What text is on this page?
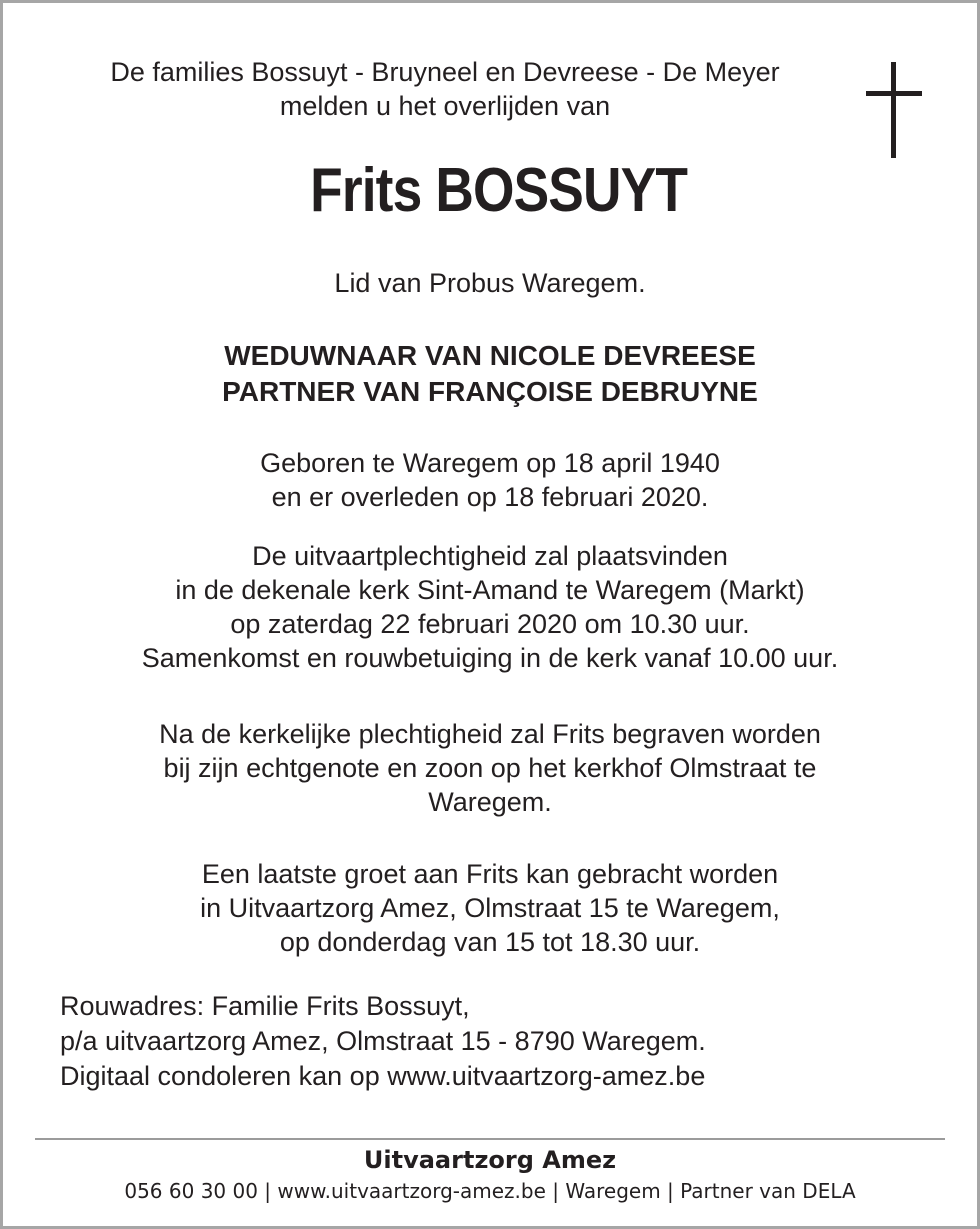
De families Bossuyt - Bruyneel en Devreese - De Meyer
melden u het overlijden van
Frits BOSSUYT
Lid van Probus Waregem.
WEDUWNAAR VAN NICOLE DEVREESE
PARTNER VAN FRANÇOISE DEBRUYNE
Geboren te Waregem op 18 april 1940
en er overleden op 18 februari 2020.
De uitvaartplechtigheid zal plaatsvinden
in de dekenale kerk Sint-Amand te Waregem (Markt)
op zaterdag 22 februari 2020 om 10.30 uur.
Samenkomst en rouwbetuiging in de kerk vanaf 10.00 uur.
Na de kerkelijke plechtigheid zal Frits begraven worden
bij zijn echtgenote en zoon op het kerkhof Olmstraat te
Waregem.
Een laatste groet aan Frits kan gebracht worden
in Uitvaartzorg Amez, Olmstraat 15 te Waregem,
op donderdag van 15 tot 18.30 uur.
Rouwadres: Familie Frits Bossuyt,
p/a uitvaartzorg Amez, Olmstraat 15 - 8790 Waregem.
Digitaal condoleren kan op www.uitvaartzorg-amez.be
Uitvaartzorg Amez
056 60 30 00 | www.uitvaartzorg-amez.be | Waregem | Partner van DELA
